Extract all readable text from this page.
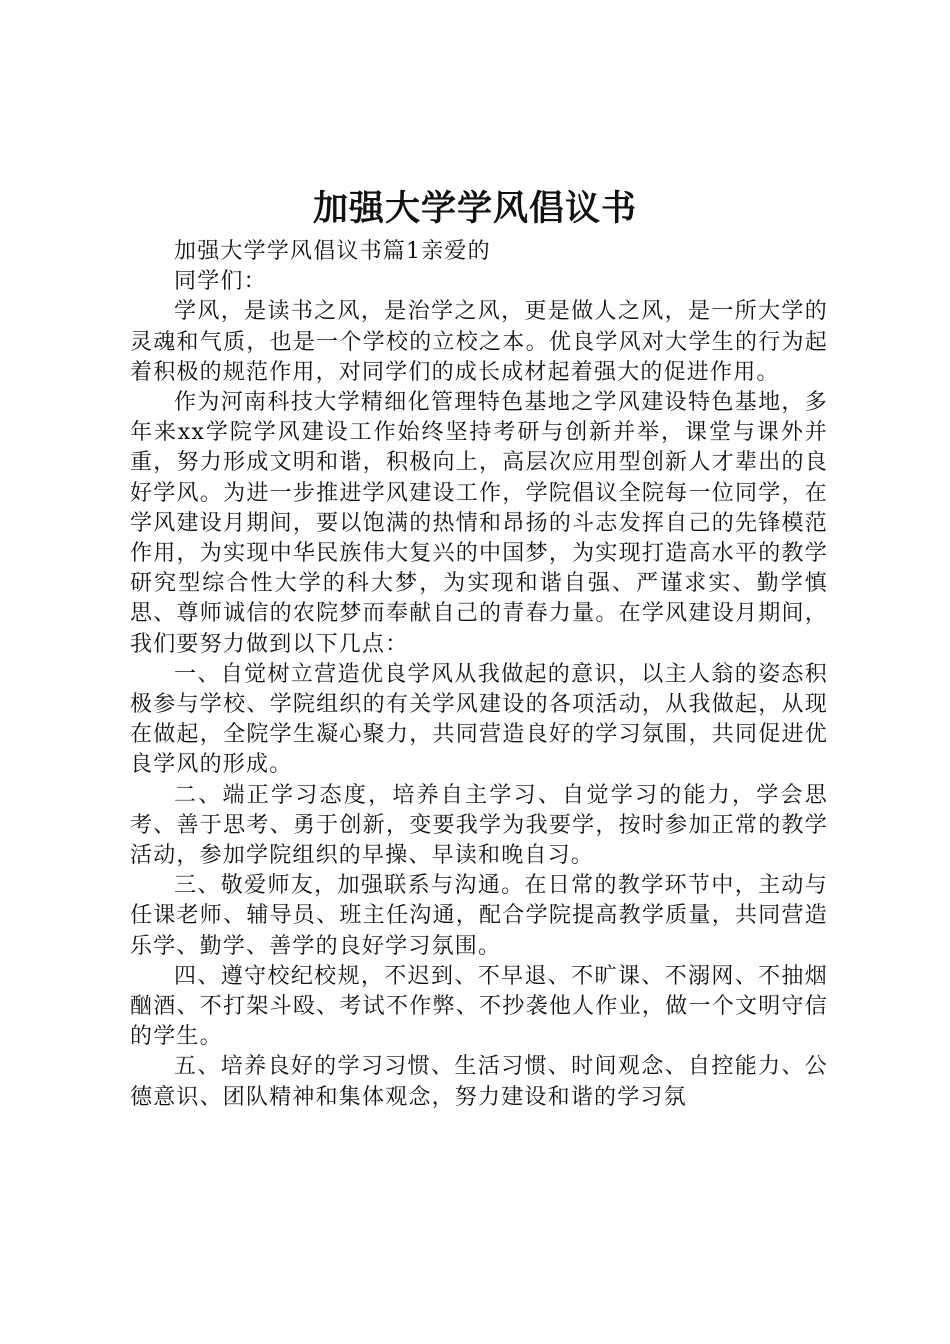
加强大学学风倡议书

加强大学学风倡议书篇1亲爱的

同学们：

学风，是读书之风，是治学之风，更是做人之风，是一所大学的灵魂和气质，也是一个学校的立校之本。优良学风对大学生的行为起着积极的规范作用，对同学们的成长成材起着强大的促进作用。

作为河南科技大学精细化管理特色基地之学风建设特色基地，多年来xx学院学风建设工作始终坚持考研与创新并举，课堂与课外并重，努力形成文明和谐，积极向上，高层次应用型创新人才辈出的良好学风。为进一步推进学风建设工作，学院倡议全院每一位同学，在学风建设月期间，要以饱满的热情和昂扬的斗志发挥自己的先锋模范作用，为实现中华民族伟大复兴的中国梦，为实现打造高水平的教学研究型综合性大学的科大梦，为实现和谐自强、严谨求实、勤学慎思、尊师诚信的农院梦而奉献自己的青春力量。在学风建设月期间，我们要努力做到以下几点：

一、自觉树立营造优良学风从我做起的意识，以主人翁的姿态积极参与学校、学院组织的有关学风建设的各项活动，从我做起，从现在做起，全院学生凝心聚力，共同营造良好的学习氛围，共同促进优良学风的形成。

二、端正学习态度，培养自主学习、自觉学习的能力，学会思考、善于思考、勇于创新，变要我学为我要学，按时参加正常的教学活动，参加学院组织的早操、早读和晚自习。

三、敬爱师友，加强联系与沟通。在日常的教学环节中，主动与任课老师、辅导员、班主任沟通，配合学院提高教学质量，共同营造乐学、勤学、善学的良好学习氛围。

四、遵守校纪校规，不迟到、不早退、不旷课、不溺网、不抽烟酗酒、不打架斗殴、考试不作弊、不抄袭他人作业，做一个文明守信的学生。

五、培养良好的学习习惯、生活习惯、时间观念、自控能力、公德意识、团队精神和集体观念，努力建设和谐的学习氛
